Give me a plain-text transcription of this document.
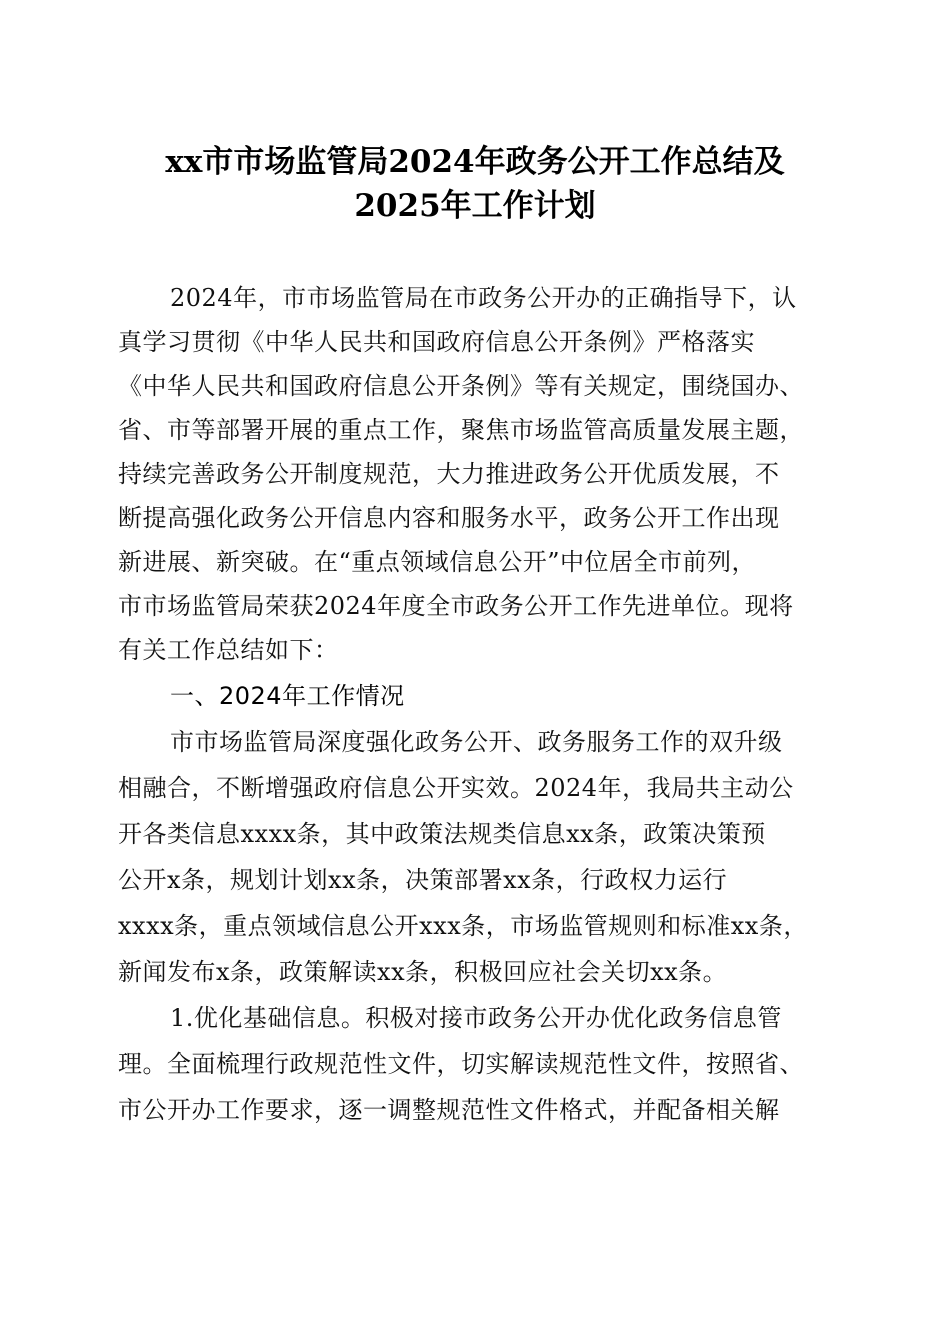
xx市市场监管局2024年政务公开工作总结及
2025年工作计划
2024年，市市场监管局在市政务公开办的正确指导下，认
真学习贯彻《中华人民共和国政府信息公开条例》严格落实
《中华人民共和国政府信息公开条例》等有关规定，围绕国办、
省、市等部署开展的重点工作，聚焦市场监管高质量发展主题，
持续完善政务公开制度规范，大力推进政务公开优质发展，不
断提高强化政务公开信息内容和服务水平，政务公开工作出现
新进展、新突破。在“重点领域信息公开”中位居全市前列，
市市场监管局荣获2024年度全市政务公开工作先进单位。现将
有关工作总结如下：
一、2024年工作情况
市市场监管局深度强化政务公开、政务服务工作的双升级
相融合，不断增强政府信息公开实效。2024年，我局共主动公
开各类信息xxxx条，其中政策法规类信息xx条，政策决策预
公开x条，规划计划xx条，决策部署xx条，行政权力运行
xxxx条，重点领域信息公开xxx条，市场监管规则和标准xx条，
新闻发布x条，政策解读xx条，积极回应社会关切xx条。
1.优化基础信息。积极对接市政务公开办优化政务信息管
理。全面梳理行政规范性文件，切实解读规范性文件，按照省、
市公开办工作要求，逐一调整规范性文件格式，并配备相关解
